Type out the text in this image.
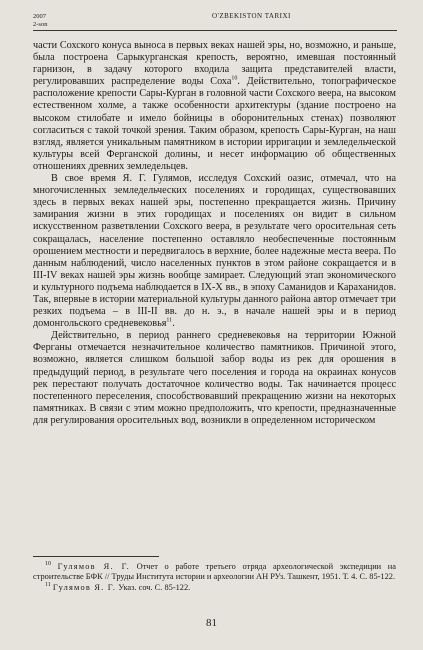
2007
2-son
O'ZBEKISTON TARIXI

части Сохского конуса выноса в первых веках нашей эры, но, возможно, и раньше, была построена Сарыкурганская крепость, вероятно, имевшая постоянный гарнизон, в задачу которого входила защита представителей власти, регулировавших распределение воды Соха$^{10}$. Действительно, топографическое расположение крепости Сары-Курган в головной части Сохского веера, на высоком естественном холме, а также особенности архитектуры (здание построено на высоком стилобате и имело бойницы в оборонительных стенах) позволяют согласиться с такой точкой зрения. Таким образом, крепость Сары-Курган, на наш взгляд, является уникальным памятником в истории ирригации и земледельческой культуры всей Ферганской долины, и несет информацию об общественных отношениях древних земледельцев.

В свое время Я. Г. Гулямов, исследуя Сохский оазис, отмечал, что на многочисленных земледельческих поселениях и городищах, существовавших здесь в первых веках нашей эры, постепенно прекращается жизнь. Причину замирания жизни в этих городищах и поселениях он видит в сильном искусственном разветвлении Сохского веера, в результате чего оросительная сеть сокращалась, население постепенно оставляло необеспеченные постоянным орошением местности и передвигалось в верхние, более надежные места веера. По данным наблюдений, число населенных пунктов в этом районе сокращается и в III-IV веках нашей эры жизнь вообще замирает. Следующий этап экономического и культурного подъема наблюдается в IX-X вв., в эпоху Саманидов и Караханидов. Так, впервые в истории материальной культуры данного района автор отмечает три резких подъема – в III-II вв. до н. э., в начале нашей эры и в период домонгольского средневековья$^{11}$.

Действительно, в период раннего средневековья на территории Южной Ферганы отмечается незначительное количество памятников. Причиной этого, возможно, является слишком большой забор воды из рек для орошения в предыдущий период, в результате чего поселения и города на окраинах конусов рек перестают получать достаточное количество воды. Так начинается процесс постепенного переселения, способствовавший прекращению жизни на некоторых памятниках. В связи с этим можно предположить, что крепости, предназначенные для регулирования оросительных вод, возникли в определенном историческом

$^{10}$ Гулямов Я. Г. Отчет о работе третьего отряда археологической экспедиции на строительстве БФК // Труды Института истории и археологии АН РУз. Ташкент, 1951. Т. 4. С. 85-122.

$^{11}$ Гулямов Я. Г. Указ. соч. С. 85-122.

81
